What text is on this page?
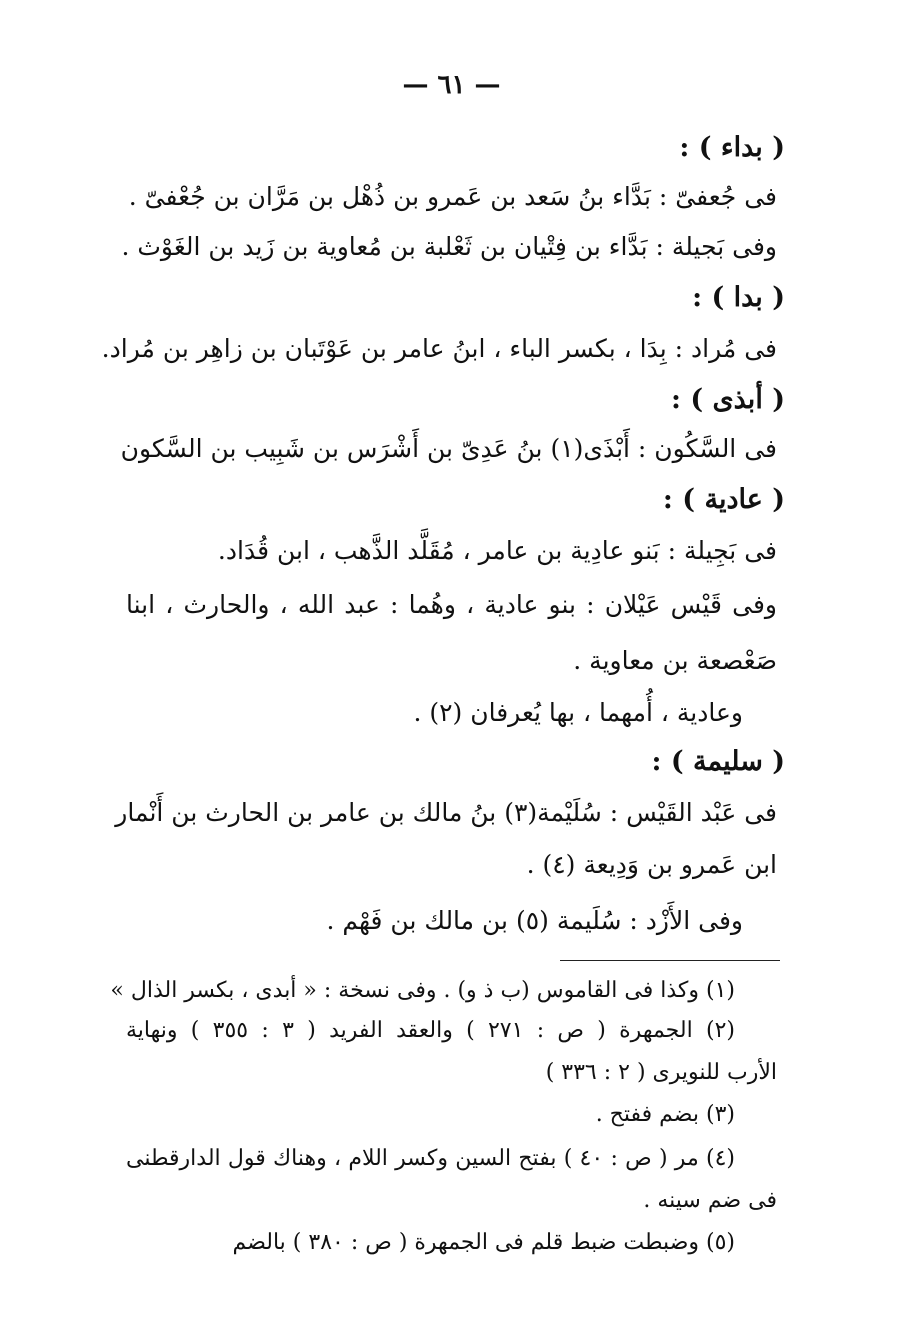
— ٦١ —
( بداء ) :
فى جُعفىّ : بَدَّاء بنُ سَعد بن عَمرو بن ذُهْل بن مَرَّان بن جُعْفىّ .
وفى بَجيلة : بَدَّاء بن فِتْيان بن ثَعْلبة بن مُعاوية بن زَيد بن الغَوْث .
( بدا ) :
فى مُراد : بِدَا ، بكسر الباء ، ابنُ عامر بن عَوْتَبان بن زاهِر بن مُراد.
( أبذى ) :
فى السَّكُون : أَبْذَى(١) بنُ عَدِىّ بن أَشْرَس بن شَبِيب بن السَّكون
( عادية ) :
فى بَجِيلة : بَنو عادِية بن عامر ، مُقَلَّد الذَّهب ، ابن قُدَاد.
وفى قَيْس عَيْلان : بنو عادية ، وهُما : عبد الله ، والحارث ، ابنا
صَعْصعة بن معاوية .
وعادية ، أُمهما ، بها يُعرفان (٢) .
( سليمة ) :
فى عَبْد القَيْس : سُلَيْمة(٣) بنُ مالك بن عامر بن الحارث بن أَنْمار
ابن عَمرو بن وَدِيعة (٤) .
وفى الأَزْد : سُلَيمة (٥) بن مالك بن فَهْم .
(١) وكذا فى القاموس (ب ذ و) . وفى نسخة : « أبدى ، بكسر الذال »
(٢) الجمهرة ( ص : ٢٧١ ) والعقد الفريد ( ٣ : ٣٥٥ ) ونهاية
الأرب للنويرى ( ٢ : ٣٣٦ )
(٣) بضم ففتح .
(٤) مر ( ص : ٤٠ ) بفتح السين وكسر اللام ، وهناك قول الدارقطنى
فى ضم سينه .
(٥) وضبطت ضبط قلم فى الجمهرة ( ص : ٣٨٠ ) بالضم
